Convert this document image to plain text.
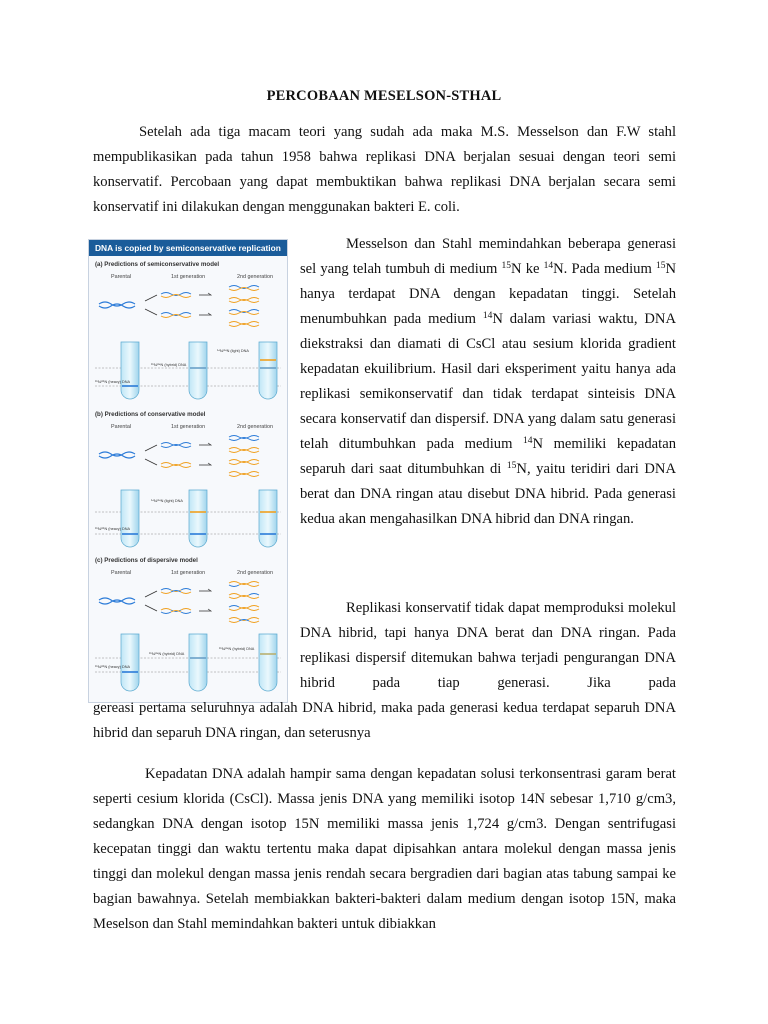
PERCOBAAN MESELSON-STHAL
Setelah ada tiga macam teori yang sudah ada maka M.S. Messelson dan F.W stahl mempublikasikan pada tahun 1958 bahwa replikasi DNA berjalan sesuai dengan teori semi konservatif. Percobaan yang dapat membuktikan bahwa replikasi DNA berjalan secara semi konservatif ini dilakukan dengan menggunakan bakteri E. coli.
DNA is copied by semiconservative replication
(a) Predictions of semiconservative model
Parental	1st generation	2nd generation
¹⁵N/¹⁵N (heavy) DNA
¹⁵N/¹⁴N (hybrid) DNA
¹⁴N/¹⁴N (light) DNA
(b) Predictions of conservative model
Parental	1st generation	2nd generation
¹⁴N/¹⁴N (light) DNA
¹⁵N/¹⁵N (heavy) DNA
(c) Predictions of dispersive model
Parental	1st generation	2nd generation
¹⁵N/¹⁵N (heavy) DNA
¹⁵N/¹⁴N (hybrid) DNA
¹⁵N/¹⁴N (hybrid) DNA
Messelson dan Stahl memindahkan beberapa generasi sel yang telah tumbuh di medium $^{15}$N ke $^{14}$N. Pada medium $^{15}$N hanya terdapat DNA dengan kepadatan tinggi. Setelah menumbuhkan pada medium $^{14}$N dalam variasi waktu, DNA diekstraksi dan diamati di CsCl atau sesium klorida gradient kepadatan ekuilibrium. Hasil dari eksperiment yaitu hanya ada replikasi semikonservatif dan tidak terdapat sinteisis DNA secara konservatif dan dispersif. DNA yang dalam satu generasi telah ditumbuhkan pada medium $^{14}$N memiliki kepadatan separuh dari saat ditumbuhkan di $^{15}$N, yaitu teridiri dari DNA berat dan DNA ringan atau disebut DNA hibrid. Pada generasi kedua akan mengahasilkan DNA hibrid dan DNA ringan.
Replikasi konservatif tidak dapat memproduksi molekul DNA hibrid, tapi hanya DNA berat dan DNA ringan. Pada replikasi dispersif ditemukan bahwa terjadi pengurangan DNA hibrid pada tiap generasi. Jika pada
gereasi pertama seluruhnya adalah DNA hibrid, maka pada generasi kedua terdapat separuh DNA hibrid dan separuh DNA ringan, dan seterusnya
Kepadatan DNA adalah hampir sama dengan kepadatan solusi terkonsentrasi garam berat seperti cesium klorida (CsCl). Massa jenis DNA yang memiliki isotop 14N sebesar 1,710 g/cm3, sedangkan DNA dengan isotop 15N memiliki massa jenis 1,724 g/cm3. Dengan sentrifugasi kecepatan tinggi dan waktu tertentu maka dapat dipisahkan antara molekul dengan massa jenis tinggi dan molekul dengan massa jenis rendah secara bergradien dari bagian atas tabung sampai ke bagian bawahnya. Setelah membiakkan bakteri-bakteri dalam medium dengan isotop 15N, maka Meselson dan Stahl memindahkan bakteri untuk dibiakkan
